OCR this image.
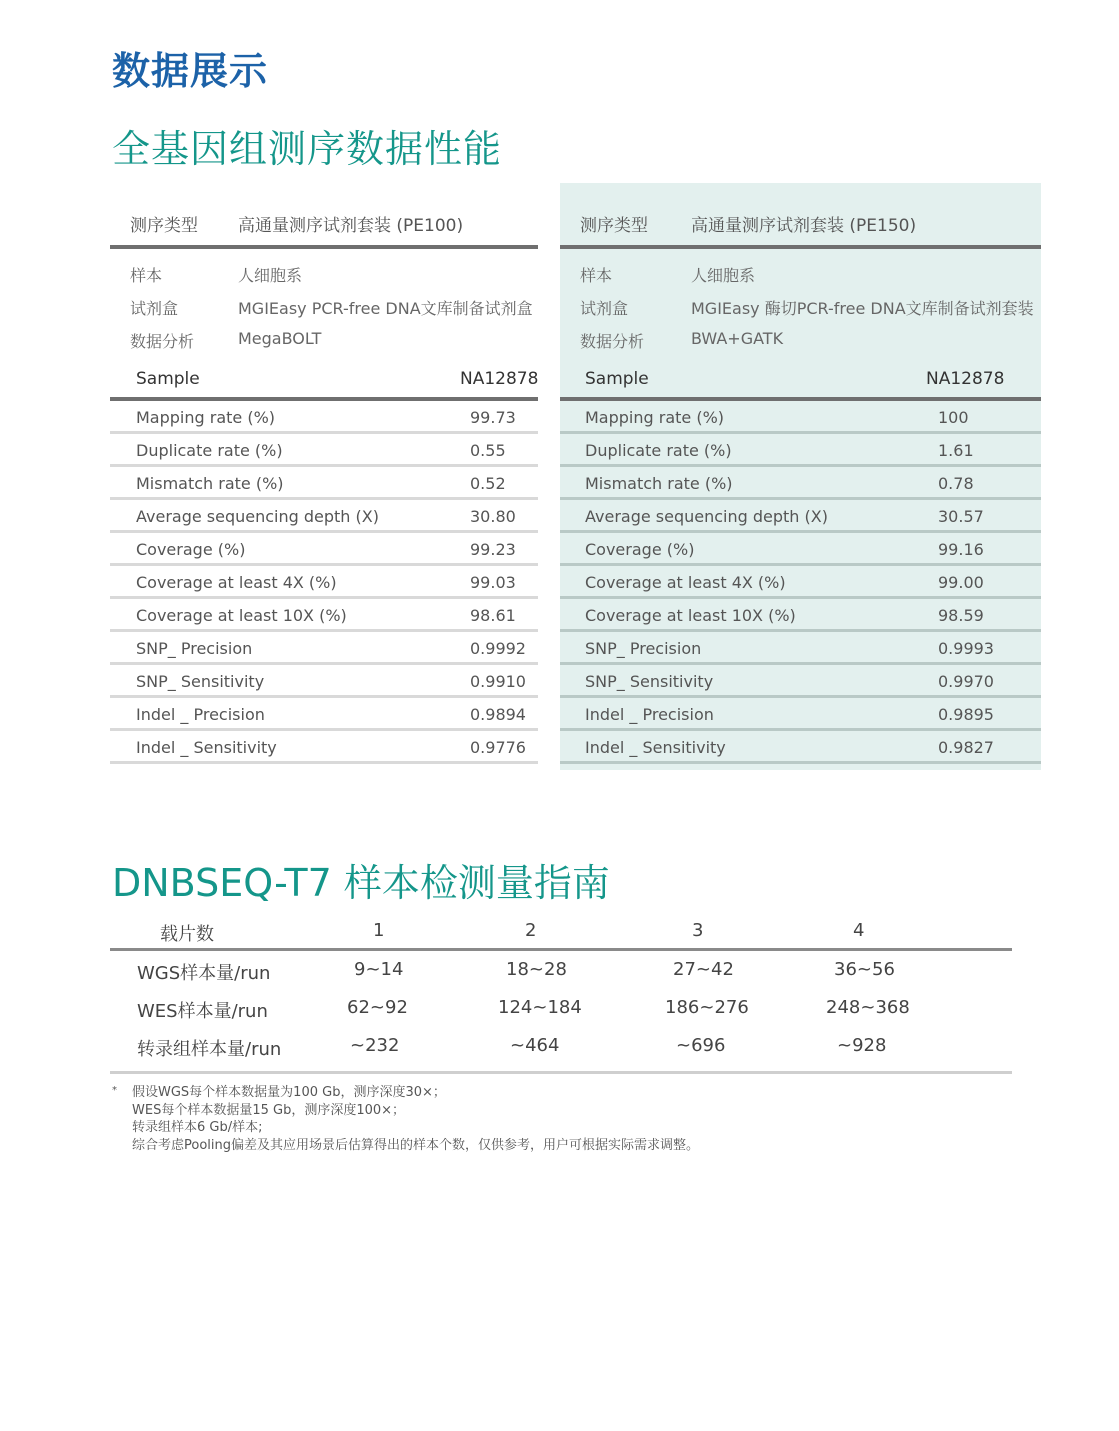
数据展示
全基因组测序数据性能
测序类型 高通量测序试剂套装 (PE100)
样本	人细胞系
试剂盒	MGIEasy PCR-free DNA文库制备试剂盒
数据分析	MegaBOLT
Sample	NA12878
Mapping rate (%)	99.73
Duplicate rate (%)	0.55
Mismatch rate (%)	0.52
Average sequencing depth (X)	30.80
Coverage (%)	99.23
Coverage at least 4X (%)	99.03
Coverage at least 10X (%)	98.61
SNP_ Precision	0.9992
SNP_ Sensitivity	0.9910
Indel _ Precision	0.9894
Indel _ Sensitivity	0.9776
测序类型	高通量测序试剂套装 (PE150)
样本	人细胞系
试剂盒	MGIEasy 酶切PCR-free DNA文库制备试剂套装
数据分析	BWA+GATK
Sample	NA12878
Mapping rate (%)	100
Duplicate rate (%)	1.61
Mismatch rate (%)	0.78
Average sequencing depth (X)	30.57
Coverage (%)	99.16
Coverage at least 4X (%)	99.00
Coverage at least 10X (%)	98.59
SNP_ Precision	0.9993
SNP_ Sensitivity	0.9970
Indel _ Precision	0.9895
Indel _ Sensitivity	0.9827
DNBSEQ-T7 样本检测量指南
载片数	1	2	3	4
WGS样本量/run	9~14	18~28	27~42	36~56
WES样本量/run	62~92	124~184	186~276	248~368
转录组样本量/run	~232	~464	~696	~928
* 假设WGS每个样本数据量为100 Gb，测序深度30×；
WES每个样本数据量15 Gb，测序深度100×；
转录组样本6 Gb/样本;
综合考虑Pooling偏差及其应用场景后估算得出的样本个数，仅供参考，用户可根据实际需求调整。
